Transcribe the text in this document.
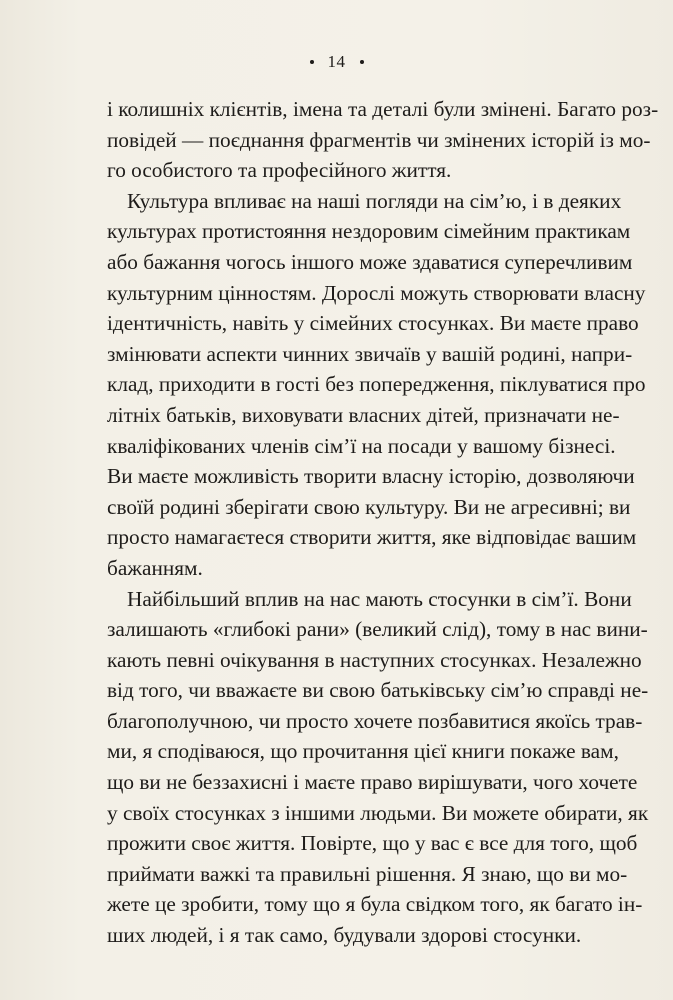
14
і колишніх клієнтів, імена та деталі були змінені. Багато роз-
повідей — поєднання фрагментів чи змінених історій із мо-
го особистого та професійного життя.
Культура впливає на наші погляди на сім’ю, і в деяких
культурах протистояння нездоровим сімейним практикам
або бажання чогось іншого може здаватися суперечливим
культурним цінностям. Дорослі можуть створювати власну
ідентичність, навіть у сімейних стосунках. Ви маєте право
змінювати аспекти чинних звичаїв у вашій родині, напри-
клад, приходити в гості без попередження, піклуватися про
літніх батьків, виховувати власних дітей, призначати не-
кваліфікованих членів сім’ї на посади у вашому бізнесі.
Ви маєте можливість творити власну історію, дозволяючи
своїй родині зберігати свою культуру. Ви не агресивні; ви
просто намагаєтеся створити життя, яке відповідає вашим
бажанням.
Найбільший вплив на нас мають стосунки в сім’ї. Вони
залишають «глибокі рани» (великий слід), тому в нас вини-
кають певні очікування в наступних стосунках. Незалежно
від того, чи вважаєте ви свою батьківську сім’ю справді не-
благополучною, чи просто хочете позбавитися якоїсь трав-
ми, я сподіваюся, що прочитання цієї книги покаже вам,
що ви не беззахисні і маєте право вирішувати, чого хочете
у своїх стосунках з іншими людьми. Ви можете обирати, як
прожити своє життя. Повірте, що у вас є все для того, щоб
приймати важкі та правильні рішення. Я знаю, що ви мо-
жете це зробити, тому що я була свідком того, як багато ін-
ших людей, і я так само, будували здорові стосунки.
